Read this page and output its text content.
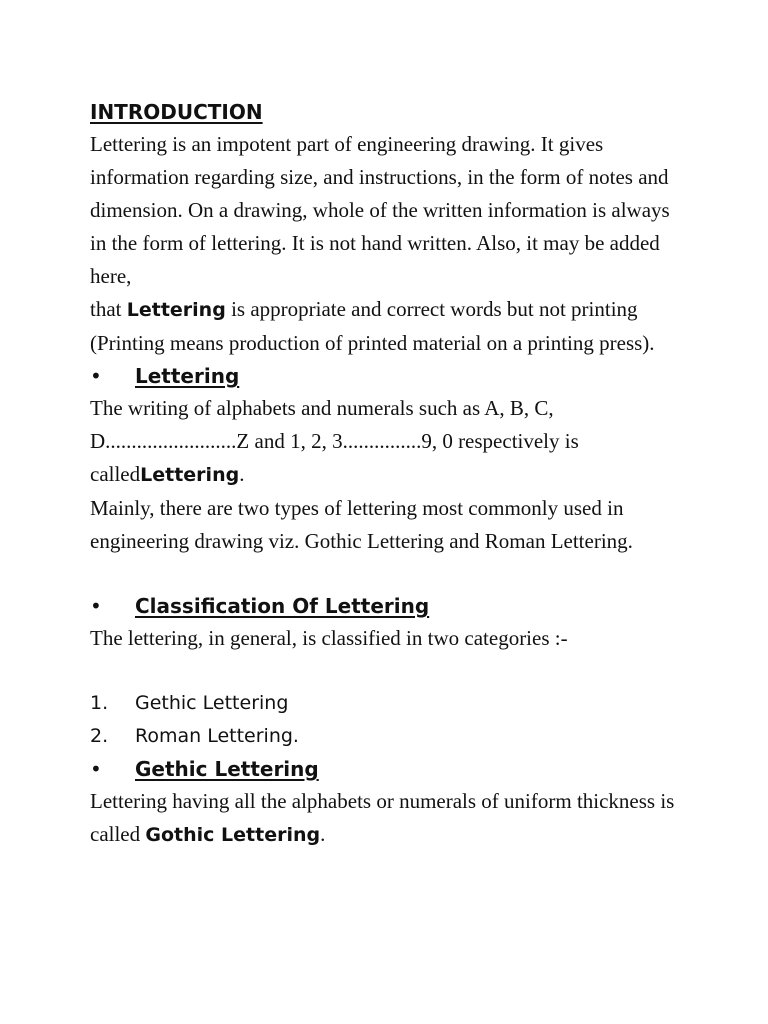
INTRODUCTION

Lettering is an impotent part of engineering drawing. It gives information regarding size, and instructions, in the form of notes and dimension. On a drawing, whole of the written information is always in the form of lettering. It is not hand written. Also, it may be added here,
that Lettering is appropriate and correct words but not printing (Printing means production of printed material on a printing press).

•	Lettering

The writing of alphabets and numerals such as A, B, C, D.........................Z and 1, 2, 3...............9, 0 respectively is calledLettering.

Mainly, there are two types of lettering most commonly used in engineering drawing viz. Gothic Lettering and Roman Lettering.

•	Classification Of Lettering

The lettering, in general, is classified in two categories :-

1.	Gethic Lettering
2.	Roman Lettering.
•	Gethic Lettering

Lettering having all the alphabets or numerals of uniform thickness is called Gothic Lettering.
